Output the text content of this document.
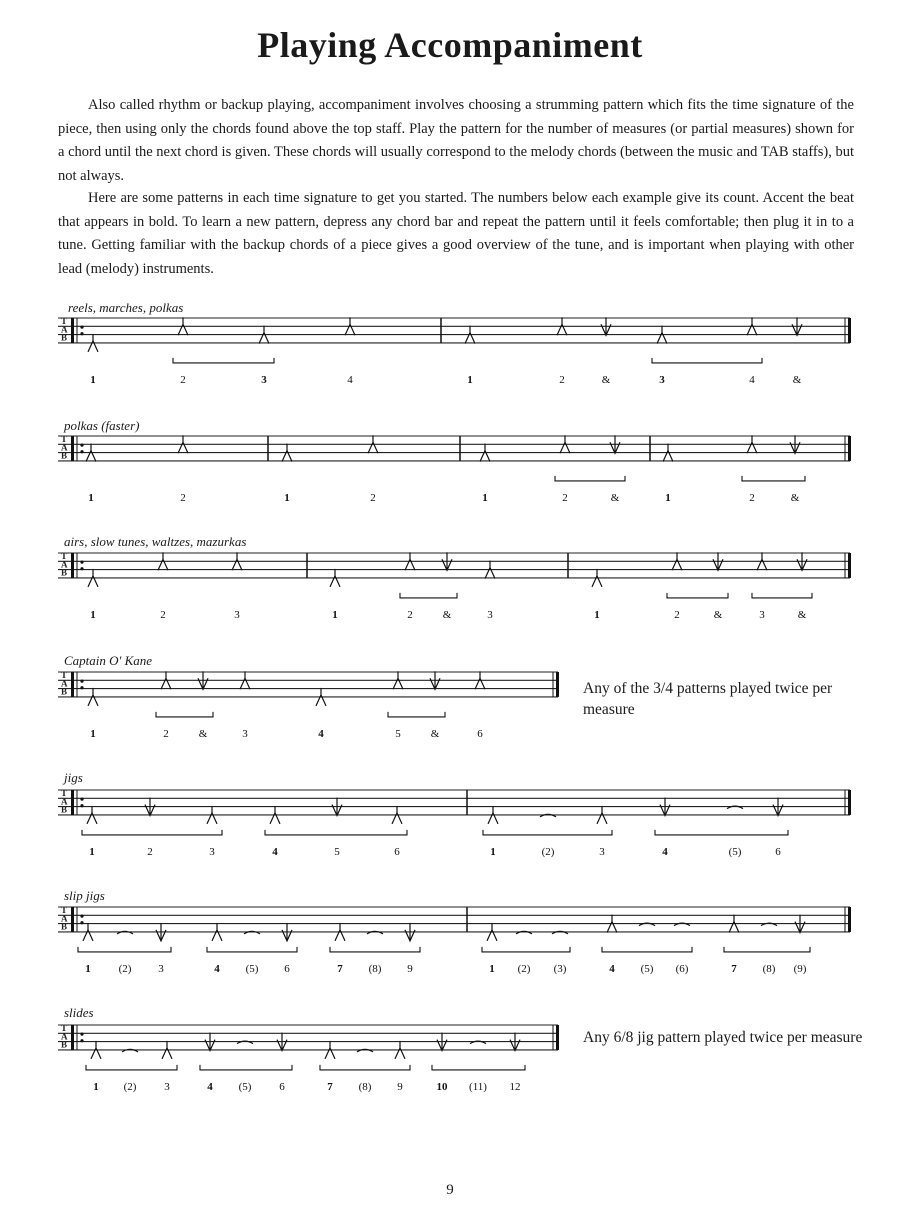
Playing Accompaniment
Also called rhythm or backup playing, accompaniment involves choosing a strumming pattern which fits the time signature of the piece, then using only the chords found above the top staff. Play the pattern for the number of measures (or partial measures) shown for a chord until the next chord is given. These chords will usually correspond to the melody chords (between the music and TAB staffs), but not always.
Here are some patterns in each time signature to get you started. The numbers below each example give its count. Accent the beat that appears in bold. To learn a new pattern, depress any chord bar and repeat the pattern until it feels comfortable; then plug it in to a tune. Getting familiar with the backup chords of a piece gives a good overview of the tune, and is important when playing with other lead (melody) instruments.
reels, marches, polkas
polkas (faster)
airs, slow tunes, waltzes, mazurkas
Captain O' Kane
jigs
slip jigs
slides
Any of the 3/4 patterns played twice per measure
Any 6/8 jig pattern played twice per measure
T
A
B
1	2	3	4	1	2	&	3	4	&
T
A
B
1	2	1	2	1	2	&	1	2	&
T
A
B
1	2	3	1	2	&	3	1	2	&	3	&
T
A
B
1	2	&	3	4	5	&	6
T
A
B
1	2	3	4	5	6	1	(2)	3	4	(5)	6
T
A
B
1	(2) 3	4 (5) 6	7 (8) 9	1 (2) (3)	4 (5) (6)	7 (8) (9)
T
A
B
1 (2)	3	4 (5)	6	7 (8) 9	10 (11) 12
9
